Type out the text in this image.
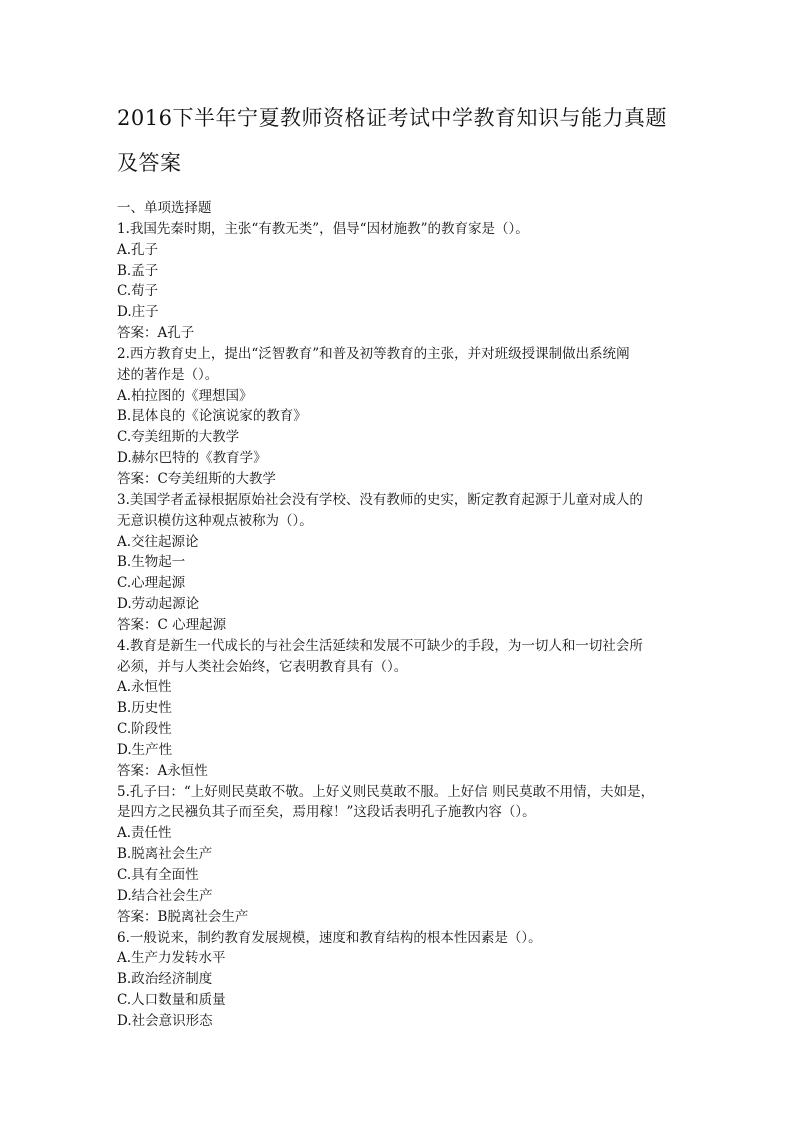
2016下半年宁夏教师资格证考试中学教育知识与能力真题
及答案
一、单项选择题
1.我国先秦时期，主张“有教无类”，倡导“因材施教”的教育家是（）。
A.孔子
B.孟子
C.荀子
D.庄子
答案：A孔子
2.西方教育史上，提出“泛智教育”和普及初等教育的主张，并对班级授课制做出系统阐
述的著作是（）。
A.柏拉图的《理想国》
B.昆体良的《论演说家的教育》
C.夸美纽斯的大教学
D.赫尔巴特的《教育学》
答案：C夸美纽斯的大教学
3.美国学者孟禄根据原始社会没有学校、没有教师的史实，断定教育起源于儿童对成人的
无意识模仿这种观点被称为（）。
A.交往起源论
B.生物起一
C.心理起源
D.劳动起源论
答案：C 心理起源
4.教育是新生一代成长的与社会生活延续和发展不可缺少的手段，为一切人和一切社会所
必须，并与人类社会始终，它表明教育具有（）。
A.永恒性
B.历史性
C.阶段性
D.生产性
答案：A永恒性
5.孔子曰：“上好则民莫敢不敬。上好义则民莫敢不服。上好信 则民莫敢不用情，夫如是，
是四方之民襁负其子而至矣，焉用稼！”这段话表明孔子施教内容（）。
A.责任性
B.脱离社会生产
C.具有全面性
D.结合社会生产
答案：B脱离社会生产
6.一般说来，制约教育发展规模，速度和教育结构的根本性因素是（）。
A.生产力发转水平
B.政治经济制度
C.人口数量和质量
D.社会意识形态
